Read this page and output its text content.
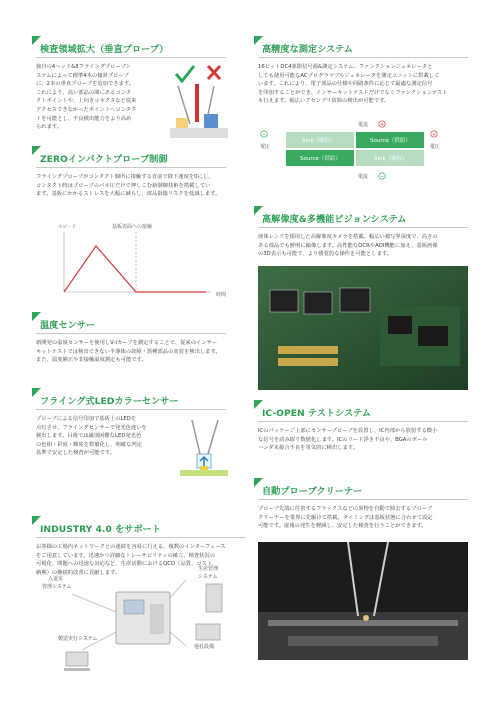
検査領域拡大（垂直プローブ）
独自の4ヘッド&8フライングプローブシ
ステムによって標準4本の傾斜プローブ
に、2本の垂直プローブを追加できます。
これにより、高い部品の間にあるコンタ
クトポイントや、上向きコネクタなど従来
アクセスできなかったポイントへコンタク
トを可能とし、不良検出能力をより高め
られます。
ZEROインパクトプローブ制御
フライングプローブがコンタクト個所に接触する直前で降下速度を0にし、
コンタクト時はプローブのバネ圧だけで押しこむ新制御技術を搭載してい
ます。基板にかかるストレスを大幅に減らし、部品損傷リスクを低減します。
スピード	基板表面への接触
時間
温度センサー
新開発の温度センサーを使用しV-Iカーブを測定することで、従来のインサー
キットテストでは検出できない半導体の故障・異種部品の実装を検出します。
また、温度補正や非接触温度測定も可能です。
フライング式LEDカラーセンサー
プローブによる信号印加で基板上のLEDを
点灯させ、フライングセンサーで発光色違いを
検出します。目視では識別困難なLED発光色
の色相・彩度・輝度を数値化し、明確な判定
基準で安定した検査が可能です。
INDUSTRY 4.0 をサポート
お客様の工場内ネットワークとの連続を容易に行える、複数のインターフェース
をご用意しています。迅速かつ詳細なトレーサビリティの確立、検査状況の
可視化、問題への迅速な対応など、生産活動におけるQCD（品質、コスト、
納期）の継続的改善に貢献します。
入退室
管理システム
生産管理
システム
製造実行システム
他社設備
高精度な測定システム
16ビットDC4象限信号源&測定システム、ファンクションジェネレータと
しても使用可能なACプログラマブルジェネレータを測定ユニットに搭載して
います。これにより、電子部品の仕様や回路条件に応じて最適な測定信号
を印加することができ、インサーキットテストだけでなくファンクションテスト
も行えます。幅広いアセンブリ故障の検出が可能です。
電流 +
Sink（吸収）	Source（供給）
Source（供給）	Sink（吸収）
−
電圧
+
電圧
電流 −
高解像度&多機能ビジョンシステム
液体レンズを採用した高解像度カメラを搭載。幅広い被写界深度で、高さの
ある部品でも鮮明に撮像します。高性能なOCRやAOI機能に加え、基板画像
の3D表示も可能で、より感覚的な操作を可能とします。
IC-OPEN テストシステム
ICのパッケージ上部にセンサープローブを設置し、IC内部から放射する微小
な信号を読み取り数値化します。ICのリード浮き不良や、BGAのボール
ハンダ未接合不良を電気的に検出します。
自動プローブクリーナー
プローブ先端に付着するフラックスなどの異物を自動で除去するプローブ
クリーナーを業界に先駆けて搭載。タイミングは基板状態に合わせて設定
可能です。虚報の発生を軽減し、安定した検査を行うことができます。
